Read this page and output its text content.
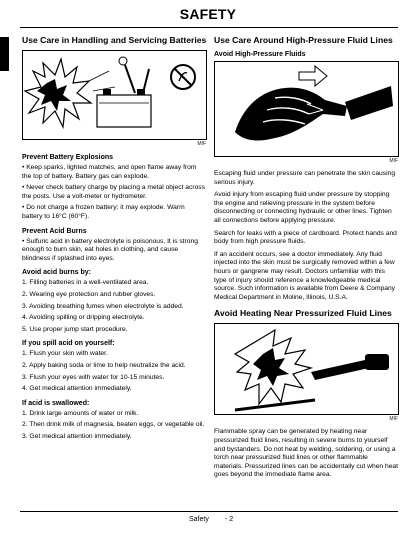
SAFETY
Use Care in Handling and Servicing Batteries
MIF
Prevent Battery Explosions
• Keep sparks, lighted matches, and open flame away from the top of battery. Battery gas can explode.
• Never check battery charge by placing a metal object across the posts. Use a volt-meter or hydrometer.
• Do not charge a frozen battery; it may explode. Warm battery to 16°C (60°F).
Prevent Acid Burns
• Sulfuric acid in battery electrolyte is poisonous. It is strong enough to burn skin, eat holes in clothing, and cause blindness if splashed into eyes.
Avoid acid burns by:
1. Filling batteries in a well-ventilated area.
2. Wearing eye protection and rubber gloves.
3. Avoiding breathing fumes when electrolyte is added.
4. Avoiding spilling or dripping electrolyte.
5. Use proper jump start procedure.
If you spill acid on yourself:
1. Flush your skin with water.
2. Apply baking soda or lime to help neutralize the acid.
3. Flush your eyes with water for 10-15 minutes.
4. Get medical attention immediately.
If acid is swallowed:
1. Drink large amounts of water or milk.
2. Then drink milk of magnesia, beaten eggs, or vegetable oil.
3. Get medical attention immediately.
Use Care Around High-Pressure Fluid Lines
Avoid High-Pressure Fluids
MIF
Escaping fluid under pressure can penetrate the skin causing serious injury.
Avoid injury from escaping fluid under pressure by stopping the engine and relieving pressure in the system before disconnecting or connecting hydraulic or other lines. Tighten all connections before applying pressure.
Search for leaks with a piece of cardboard. Protect hands and body from high pressure fluids.
If an accident occurs, see a doctor immediately. Any fluid injected into the skin must be surgically removed within a few hours or gangrene may result. Doctors unfamiliar with this type of injury should reference a knowledgeable medical source. Such information is available from Deere & Company Medical Department in Moline, Illinois, U.S.A.
Avoid Heating Near Pressurized Fluid Lines
MIF
Flammable spray can be generated by heating near pressurized fluid lines, resulting in severe burns to yourself and bystanders. Do not heat by welding, soldering, or using a torch near pressurized fluid lines or other flammable materials. Pressurized lines can be accidentally cut when heat goes beyond the immediate flame area.
Safety - 2
